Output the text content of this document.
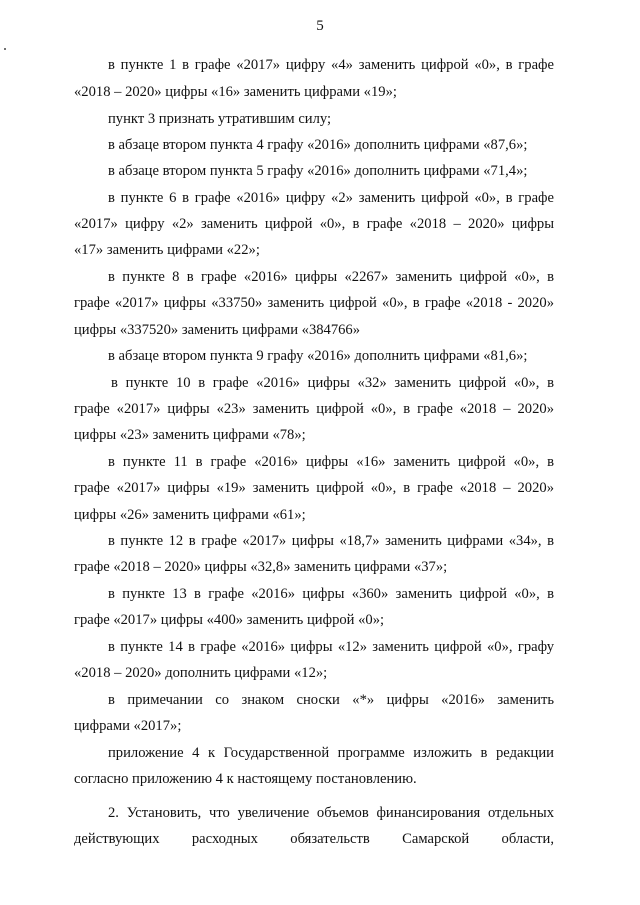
5
в пункте 1 в графе «2017» цифру «4» заменить цифрой «0», в графе
«2018 – 2020» цифры «16» заменить цифрами «19»;
пункт 3 признать утратившим силу;
в абзаце втором пункта 4 графу «2016» дополнить цифрами «87,6»;
в абзаце втором пункта 5 графу «2016» дополнить цифрами «71,4»;
в пункте 6 в графе «2016» цифру «2» заменить цифрой «0», в графе
«2017» цифру «2» заменить цифрой «0», в графе «2018 – 2020» цифры
«17» заменить цифрами «22»;
в пункте 8 в графе «2016» цифры «2267» заменить цифрой «0», в
графе «2017» цифры «33750» заменить цифрой «0», в графе «2018 - 2020»
цифры «337520» заменить цифрами «384766»
в абзаце втором пункта 9 графу «2016» дополнить цифрами «81,6»;
в пункте 10 в графе «2016» цифры «32» заменить цифрой «0», в
графе «2017» цифры «23» заменить цифрой «0», в графе «2018 – 2020»
цифры «23» заменить цифрами «78»;
в пункте 11 в графе «2016» цифры «16» заменить цифрой «0», в
графе «2017» цифры «19» заменить цифрой «0», в графе «2018 – 2020»
цифры «26» заменить цифрами «61»;
в пункте 12 в графе «2017» цифры «18,7» заменить цифрами «34», в
графе «2018 – 2020» цифры «32,8» заменить цифрами «37»;
в пункте 13 в графе «2016» цифры «360» заменить цифрой «0», в
графе «2017» цифры «400» заменить цифрой «0»;
в пункте 14 в графе «2016» цифры «12» заменить цифрой «0», графу
«2018 – 2020» дополнить цифрами «12»;
в примечании со знаком сноски «*» цифры «2016» заменить
цифрами «2017»;
приложение 4 к Государственной программе изложить в редакции
согласно приложению 4 к настоящему постановлению.
2. Установить, что увеличение объемов финансирования отдельных
действующих расходных обязательств Самарской области,
